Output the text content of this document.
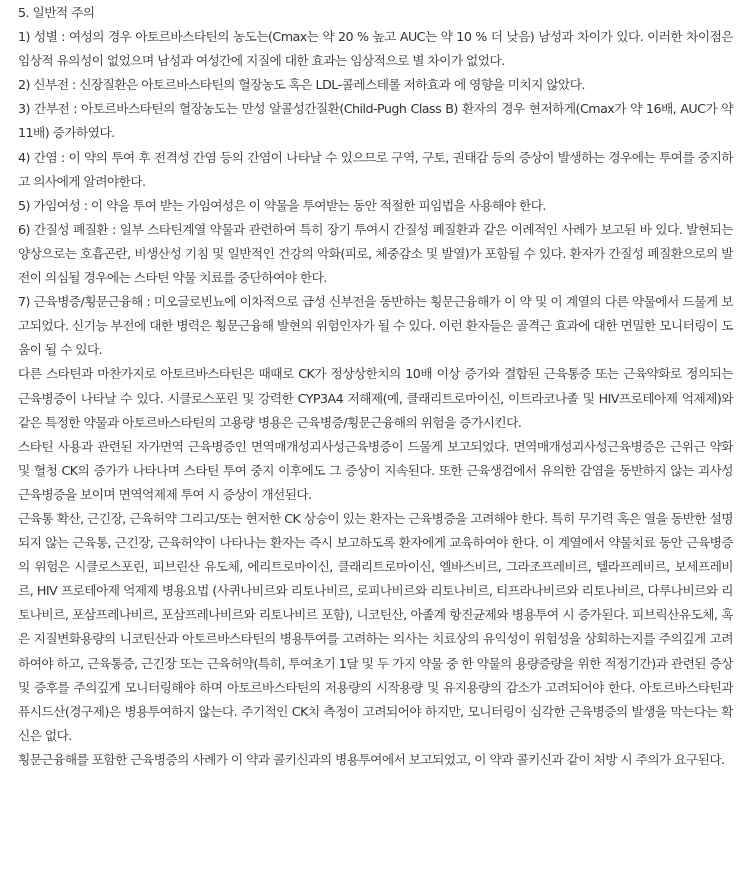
5. 일반적 주의

1) 성별 : 여성의 경우 아토르바스타틴의 농도는(Cmax는 약 20 % 높고 AUC는 약 10 % 더 낮음) 남성과 차이가 있다. 이러한 차이점은 임상적 유의성이 없었으며 남성과 여성간에 지질에 대한 효과는 임상적으로 별 차이가 없었다.

2) 신부전 : 신장질환은 아토르바스타틴의 혈장농도 혹은 LDL-콜레스테롤 저하효과 에 영향을 미치지 않았다.

3) 간부전 : 아토르바스타틴의 혈장농도는 만성 알콜성간질환(Child-Pugh Class B) 환자의 경우 현저하게(Cmax가 약 16배, AUC가 약11배) 증가하였다.

4) 간염 : 이 약의 투여 후 전격성 간염 등의 간염이 나타날 수 있으므로 구역, 구토, 권태감 등의 증상이 발생하는 경우에는 투여를 중지하고 의사에게 알려야한다.

5) 가임여성 : 이 약을 투여 받는 가임여성은 이 약물을 투여받는 동안 적절한 피임법을 사용해야 한다.

6) 간질성 폐질환 : 일부 스타틴계열 약물과 관련하여 특히 장기 투여시 간질성 폐질환과 같은 이례적인 사례가 보고된 바 있다. 발현되는 양상으로는 호흡곤란, 비생산성 기침 및 일반적인 건강의 악화(피로, 체중감소 및 발열)가 포함될 수 있다. 환자가 간질성 폐질환으로의 발전이 의심될 경우에는 스타틴 약물 치료를 중단하여야 한다.

7) 근육병증/횡문근융해 : 미오글로빈뇨에 이차적으로 급성 신부전을 동반하는 횡문근융해가 이 약 및 이 계열의 다른 약물에서 드물게 보고되었다. 신기능 부전에 대한 병력은 횡문근융해 발현의 위험인자가 될 수 있다. 이런 환자들은 골격근 효과에 대한 면밀한 모니터링이 도움이 될 수 있다.

다른 스타틴과 마찬가지로 아토르바스타틴은 때때로 CK가 정상상한치의 10배 이상 증가와 결합된 근육통증 또는 근육약화로 정의되는 근육병증이 나타날 수 있다. 시클로스포린 및 강력한 CYP3A4 저해제(예, 클래리트로마이신, 이트라코나졸 및 HIV프로테아제 억제제)와 같은 특정한 약물과 아토르바스타틴의 고용량 병용은 근육병증/횡문근융해의 위험을 증가시킨다.

스타틴 사용과 관련된 자가면역 근육병증인 면역매개성괴사성근육병증이 드물게 보고되었다. 면역매개성괴사성근육병증은 근위근 약화 및 혈청 CK의 증가가 나타나며 스타틴 투여 중지 이후에도 그 증상이 지속된다. 또한 근육생검에서 유의한 감염을 동반하지 않는 괴사성 근육병증을 보이며 면역억제제 투여 시 증상이 개선된다.

근육통 확산, 근긴장, 근육허약 그리고/또는 현저한 CK 상승이 있는 환자는 근육병증을 고려해야 한다. 특히 무기력 혹은 열을 동반한 설명되지 않는 근육통, 근긴장, 근육허약이 나타나는 환자는 즉시 보고하도록 환자에게 교육하여야 한다. 이 계열에서 약물치료 동안 근육병증의 위험은 시클로스포린, 피브린산 유도체, 에리트로마이신, 클래리트로마이신, 엘바스비르, 그라조프레비르, 텔라프레비르, 보세프레비르, HIV 프로테아제 억제제 병용요법 (사퀴나비르와 리토나비르, 로피나비르와 리토나비르, 티프라나비르와 리토나비르, 다루나비르와 리토나비르, 포삼프레나비르, 포삼프레나비르와 리토나비르 포함), 니코틴산, 아졸계 항진균제와 병용투여 시 증가된다. 피브릭산유도체, 혹은 지질변화용량의 니코틴산과 아토르바스타틴의 병용투여를 고려하는 의사는 치료상의 유익성이 위험성을 상회하는지를 주의깊게 고려하여야 하고, 근육통증, 근긴장 또는 근육허약(특히, 투여초기 1달 및 두 가지 약물 중 한 약물의 용량증량을 위한 적정기간)과 관련된 증상 및 증후를 주의깊게 모니터링해야 하며 아토르바스타틴의 저용량의 시작용량 및 유지용량의 감소가 고려되어야 한다. 아토르바스타틴과 퓨시드산(경구제)은 병용투여하지 않는다. 주기적인 CK치 측정이 고려되어야 하지만, 모니터링이 심각한 근육병증의 발생을 막는다는 확신은 없다.

횡문근융해를 포함한 근육병증의 사례가 이 약과 콜키신과의 병용투여에서 보고되었고, 이 약과 콜키신과 같이 처방 시 주의가 요구된다.
